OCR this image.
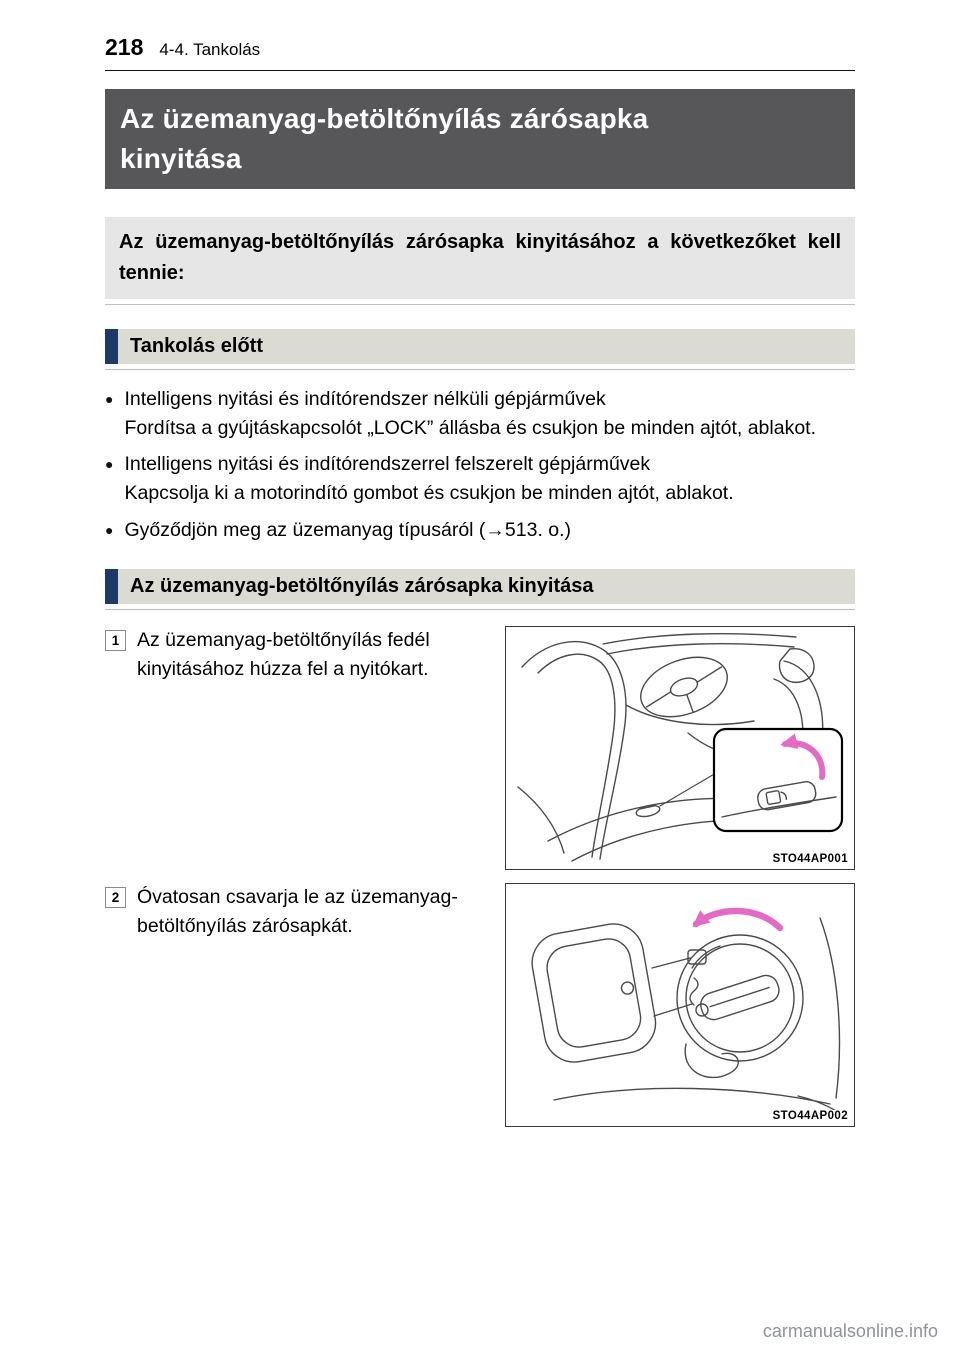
218 4-4. Tankolás
Az üzemanyag-betöltőnyílás zárósapka
kinyitása

Az üzemanyag-betöltőnyílás zárósapka kinyitásához a következőket kell tennie:

Tankolás előtt
● Intelligens nyitási és indítórendszer nélküli gépjárművek
Fordítsa a gyújtáskapcsolót „LOCK” állásba és csukjon be minden ajtót, ablakot.
● Intelligens nyitási és indítórendszerrel felszerelt gépjárművek
Kapcsolja ki a motorindító gombot és csukjon be minden ajtót, ablakot.
● Győződjön meg az üzemanyag típusáról (→513. o.)
Az üzemanyag-betöltőnyílás zárósapka kinyitása
1 Az üzemanyag-betöltőnyílás fedél kinyitásához húzza fel a nyitókart.

STO44AP001
2 Óvatosan csavarja le az üzemanyag-betöltőnyílás zárósapkát.

STO44AP002
carmanualsonline.info
